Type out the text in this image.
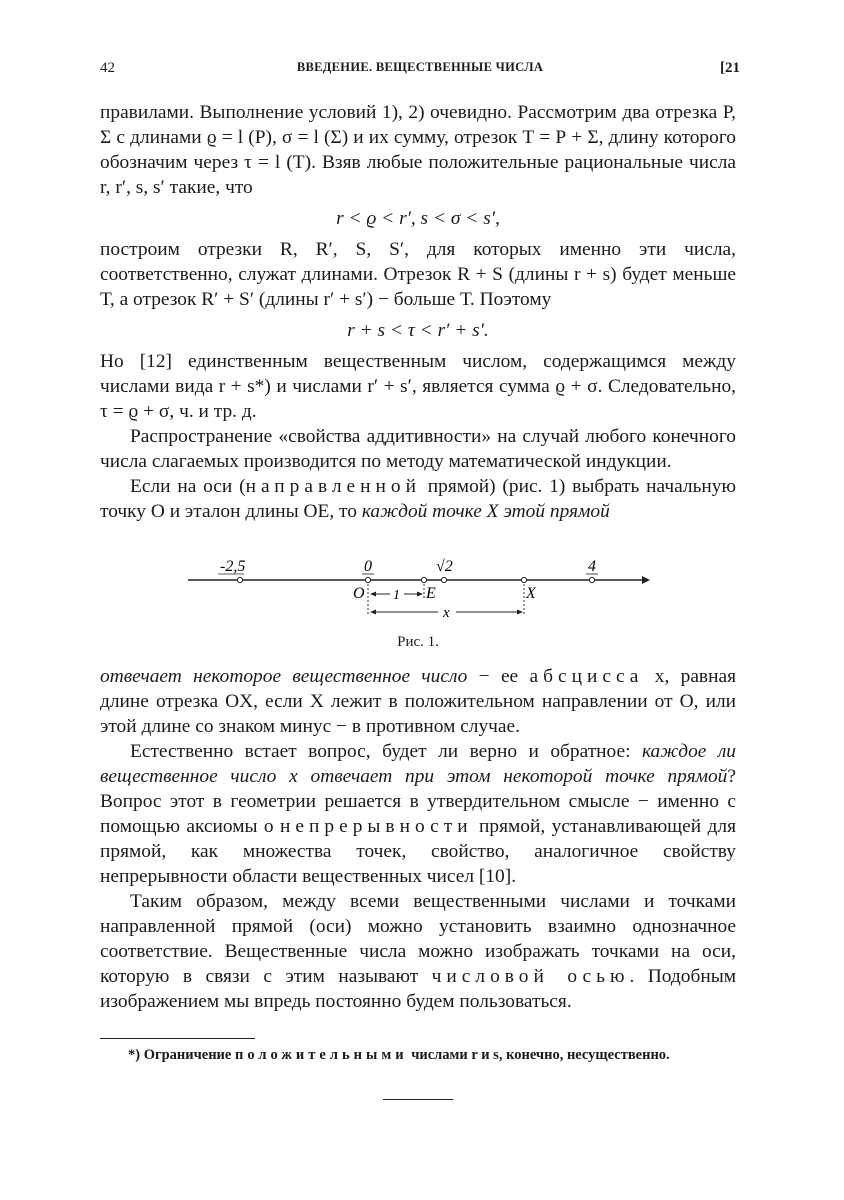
42	ВВЕДЕНИЕ. ВЕЩЕСТВЕННЫЕ ЧИСЛА	[21

правилами. Выполнение условий 1), 2) очевидно. Рассмотрим два отрезка Р, Σ с длинами ϱ = l (Р), σ = l (Σ) и их сумму, отрезок Т = Р + Σ, длину которого обозначим через τ = l (Т). Взяв любые положительные рациональные числа r, r′, s, s′ такие, что

r < ϱ < r′, s < σ < s′,

построим отрезки R, R′, S, S′, для которых именно эти числа, соответственно, служат длинами. Отрезок R + S (длины r + s) будет меньше Т, а отрезок R′ + S′ (длины r′ + s′) − больше Т. Поэтому

r + s < τ < r′ + s′.

Но [12] единственным вещественным числом, содержащимся между числами вида r + s*) и числами r′ + s′, является сумма ϱ + σ. Следовательно, τ = ϱ + σ, ч. и тр. д.

Распространение «свойства аддитивности» на случай любого конечного числа слагаемых производится по методу математической индукции.

Если на оси (направленной прямой) (рис. 1) выбрать начальную точку O и эталон длины OE, то каждой точке X этой прямой

-2,5	0	√2	4
O	E	X
1
x
Рис. 1.

отвечает некоторое вещественное число − ее абсцисса x, равная длине отрезка OX, если X лежит в положительном направлении от O, или этой длине со знаком минус − в противном случае.

Естественно встает вопрос, будет ли верно и обратное: каждое ли вещественное число x отвечает при этом некоторой точке прямой? Вопрос этот в геометрии решается в утвердительном смысле − именно с помощью аксиомы о непрерывности прямой, устанавливающей для прямой, как множества точек, свойство, аналогичное свойству непрерывности области вещественных чисел [10].

Таким образом, между всеми вещественными числами и точками направленной прямой (оси) можно установить взаимно однозначное соответствие. Вещественные числа можно изображать точками на оси, которую в связи с этим называют числовой осью. Подобным изображением мы впредь постоянно будем пользоваться.

*) Ограничение положительными числами r и s, конечно, несущественно.
